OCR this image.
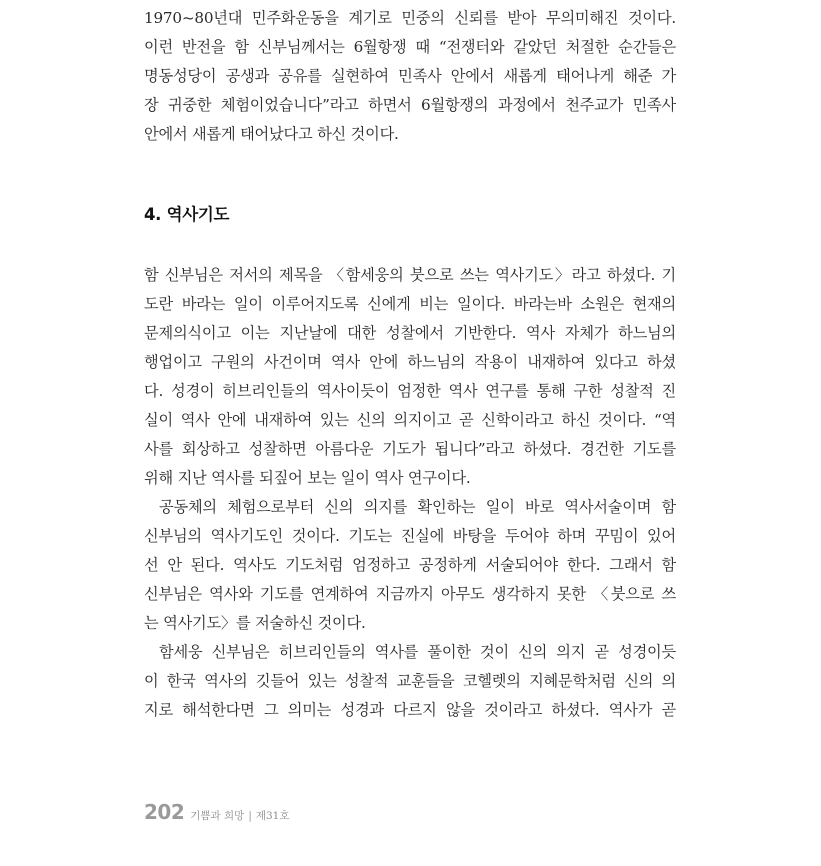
1970~80년대 민주화운동을 계기로 민중의 신뢰를 받아 무의미해진 것이다.
이런 반전을 함 신부님께서는 6월항쟁 때 “전쟁터와 같았던 처절한 순간들은
명동성당이 공생과 공유를 실현하여 민족사 안에서 새롭게 태어나게 해준 가
장 귀중한 체험이었습니다”라고 하면서 6월항쟁의 과정에서 천주교가 민족사
안에서 새롭게 태어났다고 하신 것이다.
4. 역사기도
함 신부님은 저서의 제목을 〈함세웅의 붓으로 쓰는 역사기도〉라고 하셨다. 기
도란 바라는 일이 이루어지도록 신에게 비는 일이다. 바라는바 소원은 현재의
문제의식이고 이는 지난날에 대한 성찰에서 기반한다. 역사 자체가 하느님의
행업이고 구원의 사건이며 역사 안에 하느님의 작용이 내재하여 있다고 하셨
다. 성경이 히브리인들의 역사이듯이 엄정한 역사 연구를 통해 구한 성찰적 진
실이 역사 안에 내재하여 있는 신의 의지이고 곧 신학이라고 하신 것이다. “역
사를 회상하고 성찰하면 아름다운 기도가 됩니다”라고 하셨다. 경건한 기도를
위해 지난 역사를 되짚어 보는 일이 역사 연구이다.
공동체의 체험으로부터 신의 의지를 확인하는 일이 바로 역사서술이며 함
신부님의 역사기도인 것이다. 기도는 진실에 바탕을 두어야 하며 꾸밈이 있어
선 안 된다. 역사도 기도처럼 엄정하고 공정하게 서술되어야 한다. 그래서 함
신부님은 역사와 기도를 연계하여 지금까지 아무도 생각하지 못한 〈붓으로 쓰
는 역사기도〉를 저술하신 것이다.
함세웅 신부님은 히브리인들의 역사를 풀이한 것이 신의 의지 곧 성경이듯
이 한국 역사의 깃들어 있는 성찰적 교훈들을 코헬렛의 지혜문학처럼 신의 의
지로 해석한다면 그 의미는 성경과 다르지 않을 것이라고 하셨다. 역사가 곧
202 기쁨과 희망 | 제31호
